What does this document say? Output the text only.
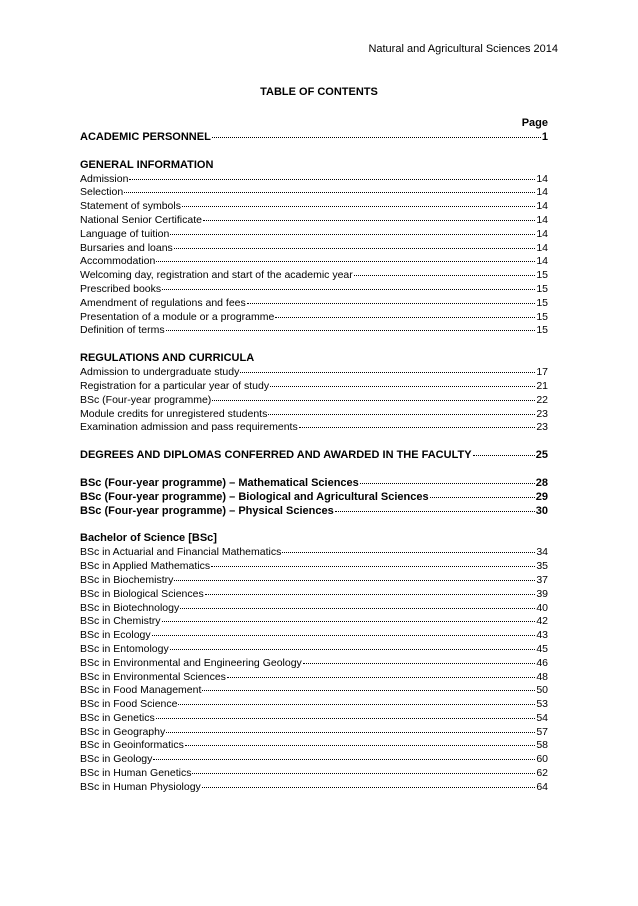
Natural and Agricultural Sciences 2014
TABLE OF CONTENTS
Page
ACADEMIC PERSONNEL	1
GENERAL INFORMATION
Admission	14
Selection	14
Statement of symbols	14
National Senior Certificate	14
Language of tuition	14
Bursaries and loans	14
Accommodation	14
Welcoming day, registration and start of the academic year	15
Prescribed books	15
Amendment of regulations and fees	15
Presentation of a module or a programme	15
Definition of terms	15
REGULATIONS AND CURRICULA
Admission to undergraduate study	17
Registration for a particular year of study	21
BSc (Four-year programme)	22
Module credits for unregistered students	23
Examination admission and pass requirements	23
DEGREES AND DIPLOMAS CONFERRED AND AWARDED IN THE FACULTY	25
BSc (Four-year programme) – Mathematical Sciences	28
BSc (Four-year programme) – Biological and Agricultural Sciences	29
BSc (Four-year programme) – Physical Sciences	30
Bachelor of Science [BSc]
BSc in Actuarial and Financial Mathematics	34
BSc in Applied Mathematics	35
BSc in Biochemistry	37
BSc in Biological Sciences	39
BSc in Biotechnology	40
BSc in Chemistry	42
BSc in Ecology	43
BSc in Entomology	45
BSc in Environmental and Engineering Geology	46
BSc in Environmental Sciences	48
BSc in Food Management	50
BSc in Food Science	53
BSc in Genetics	54
BSc in Geography	57
BSc in Geoinformatics	58
BSc in Geology	60
BSc in Human Genetics	62
BSc in Human Physiology	64
